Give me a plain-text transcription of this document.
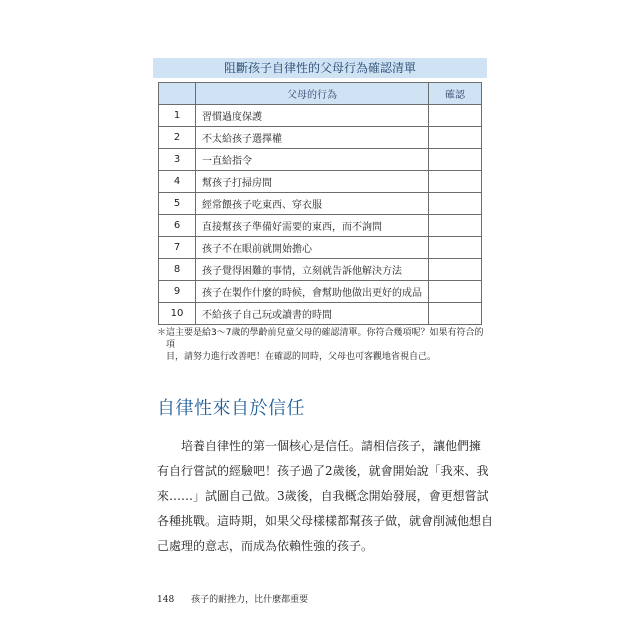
阻斷孩子自律性的父母行為確認清單
	父母的行為	確認
1	習慣過度保護	
2	不太給孩子選擇權	
3	一直給指令	
4	幫孩子打掃房間	
5	經常餵孩子吃東西、穿衣服	
6	直接幫孩子準備好需要的東西，而不詢問	
7	孩子不在眼前就開始擔心	
8	孩子覺得困難的事情，立刻就告訴他解決方法	
9	孩子在製作什麼的時候，會幫助他做出更好的成品	
10	不給孩子自己玩或讀書的時間	
＊ 這主要是給3～7歲的學齡前兒童父母的確認清單。你符合幾項呢？如果有符合的項
目，請努力進行改善吧！在確認的同時，父母也可客觀地省視自己。
自律性來自於信任
　　培養自律性的第一個核心是信任。請相信孩子，讓他們擁
有自行嘗試的經驗吧！孩子過了2歲後，就會開始說「我來、我
來……」試圖自己做。3歲後，自我概念開始發展，會更想嘗試
各種挑戰。這時期，如果父母樣樣都幫孩子做，就會削減他想自
己處理的意志，而成為依賴性強的孩子。
148 孩子的耐挫力，比什麼都重要
